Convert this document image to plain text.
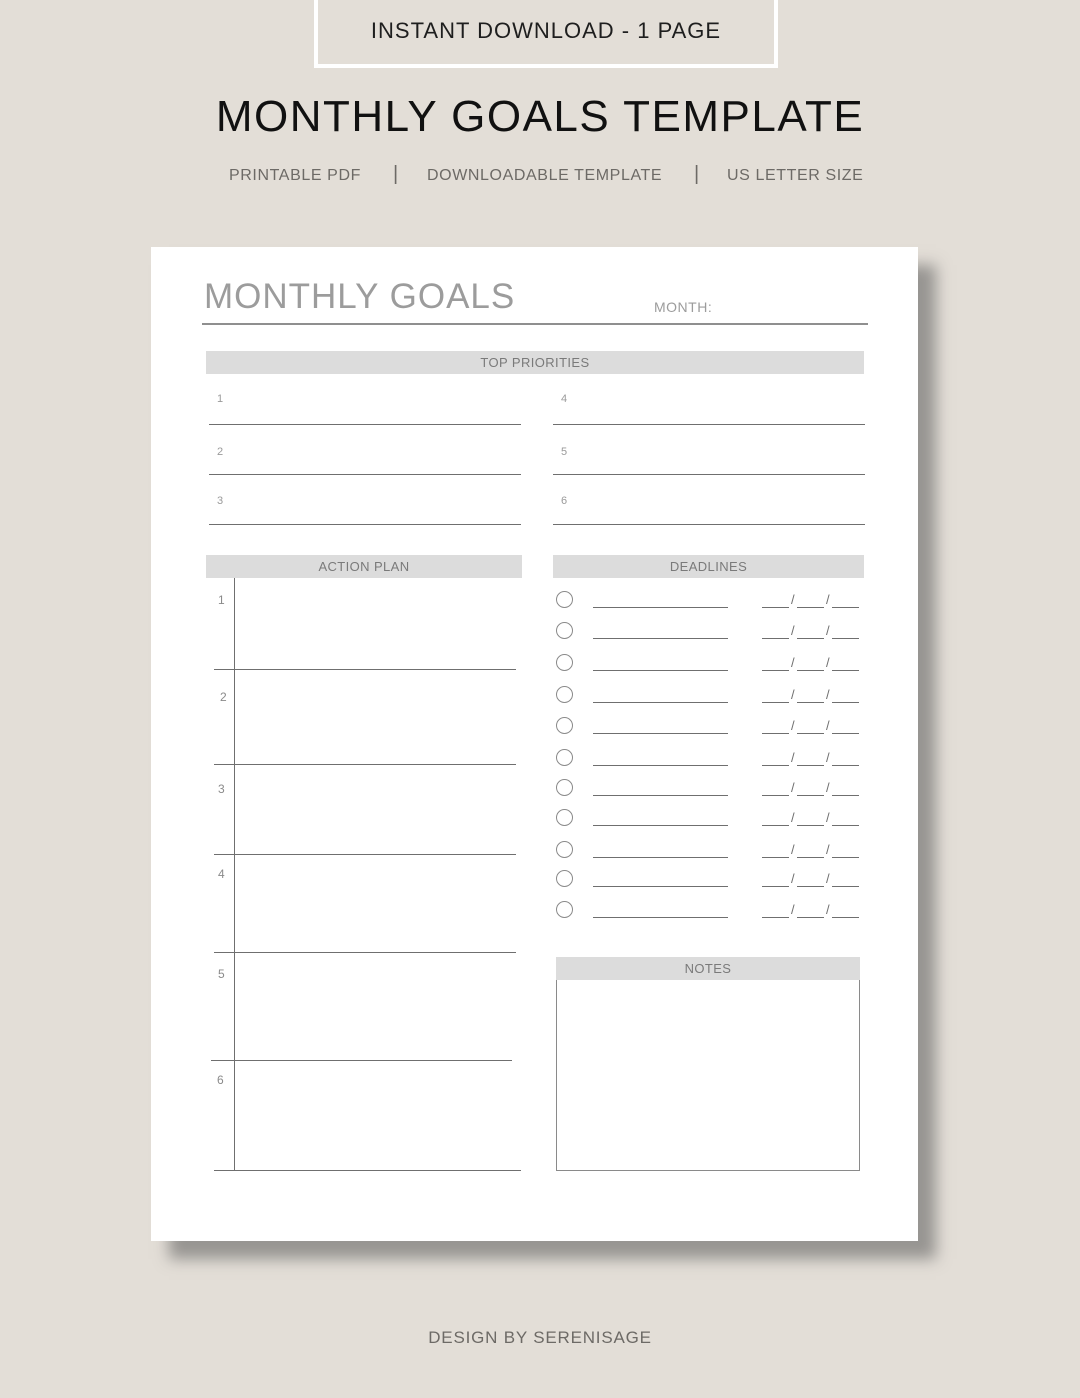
INSTANT DOWNLOAD - 1 PAGE
MONTHLY GOALS TEMPLATE
PRINTABLE PDF | DOWNLOADABLE TEMPLATE | US LETTER SIZE
MONTHLY GOALS	MONTH:
TOP PRIORITIES
1
2
3
4
5
6
ACTION PLAN
1
2
3
4
5
6
DEADLINES
/ /
/ /
/ /
/ /
/ /
/ /
/ /
/ /
/ /
/ /
/ /
NOTES
DESIGN BY SERENISAGE
